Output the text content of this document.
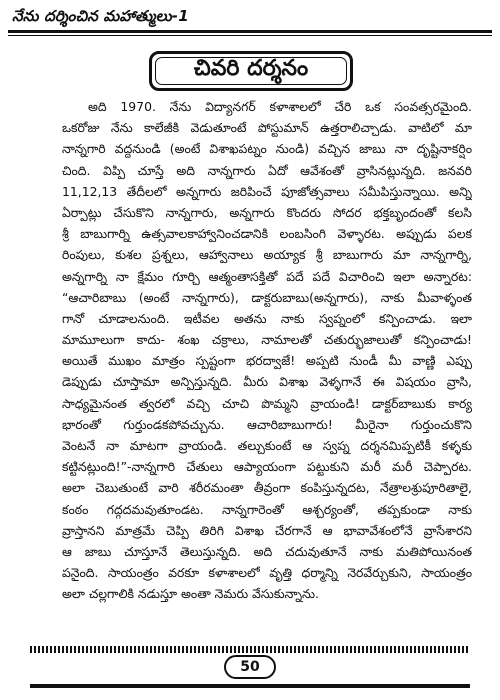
నేను దర్శించిన మహాత్ములు-1
చివరి దర్శనం
అది 1970. నేను విద్యానగర్ కళాశాలలో చేరి ఒక సంవత్సరమైంది.
ఒకరోజు నేను కాలేజీకి వెడుతూంటే పోస్టుమాన్ ఉత్తరాలిచ్చాడు. వాటిలో మా
నాన్నగారి వద్దనుండి (అంటే విశాఖపట్నం నుండి) వచ్చిన జాబు నా దృష్టినాకర్షిం
చింది. విప్పి చూస్తే అది నాన్నగారు ఏదో ఆవేశంతో వ్రాసినట్లున్నది. జనవరి
11,12,13 తేదీలలో అన్నగారు జరిపించే పూజోత్సవాలు సమీపిస్తున్నాయి. అన్ని
ఏర్పాట్లు చేసుకొని నాన్నగారు, అన్నగారు కొందరు సోదర భక్తబృందంతో కలసి
శ్రీ బాబుగార్ని ఉత్సవాలకాహ్వానించడానికి లంబసింగి వెళ్ళారట. అప్పుడు పలక
రింపులు, కుశల ప్రశ్నలు, ఆహ్వానాలు అయ్యాక శ్రీ బాబుగారు మా నాన్నగార్ని,
అన్నగార్ని నా క్షేమం గూర్చి ఆత్మంతాసక్తితో పదే పదే విచారించి ఇలా అన్నారట:
“ఆచారిబాబు (అంటే నాన్నగారు), డాక్టరుబాబు(అన్నగారు), నాకు మీవాళ్ళంత
గానో చూడాలనుంది. ఇటీవల అతను నాకు స్వప్నంలో కన్పించాడు. ఇలా
మామూలుగా కాదు- శంఖ చక్రాలు, నామాలతో చతుర్భుజాలుతో కన్పించాడు!
అయితే ముఖం మాత్రం స్పష్టంగా భరద్వాజే! అప్పటి నుండీ మీ వాణ్ణి ఎప్పు
డెప్పుడు చూస్తామా అన్పిస్తున్నది. మీరు విశాఖ వెళ్ళగానే ఈ విషయం వ్రాసి,
సాధ్యమైనంత త్వరలో వచ్చి చూచి పొమ్మని వ్రాయండి! డాక్టర్‌బాబుకు కార్య
భారంతో గుర్తుండకపోవచ్చును. ఆచారిబాబుగారు! మీరైనా గుర్తుంచుకొని
వెంటనే నా మాటగా వ్రాయండి. తల్చుకుంటే ఆ స్వప్న దర్శనమిప్పటికీ కళ్ళకు
కట్టినట్లుంది!”-నాన్నగారి చేతులు ఆప్యాయంగా పట్టుకుని మరీ మరీ చెప్పారట.
అలా చెబుతుంటే వారి శరీరమంతా తీవ్రంగా కంపిస్తున్నదట, నేత్రాలశ్రుపూరితాలై,
కంఠం గద్గదమవుతూండట. నాన్నగారెంతో ఆశ్చర్యంతో, తప్పకుండా నాకు
వ్రాస్తానని మాత్రమే చెప్పి తిరిగి విశాఖ చేరగానే ఆ భావావేశంలోనే వ్రాసేశారని
ఆ జాబు చూస్తూనే తెలుస్తున్నది. అది చదువుతూనే నాకు మతిపోయినంత
పనైంది. సాయంత్రం వరకూ కళాశాలలో వృత్తి ధర్మాన్ని నెరవేర్చుకుని, సాయంత్రం
అలా చల్లగాలికి నడుస్తూ అంతా నెమరు వేసుకున్నాను.
50
